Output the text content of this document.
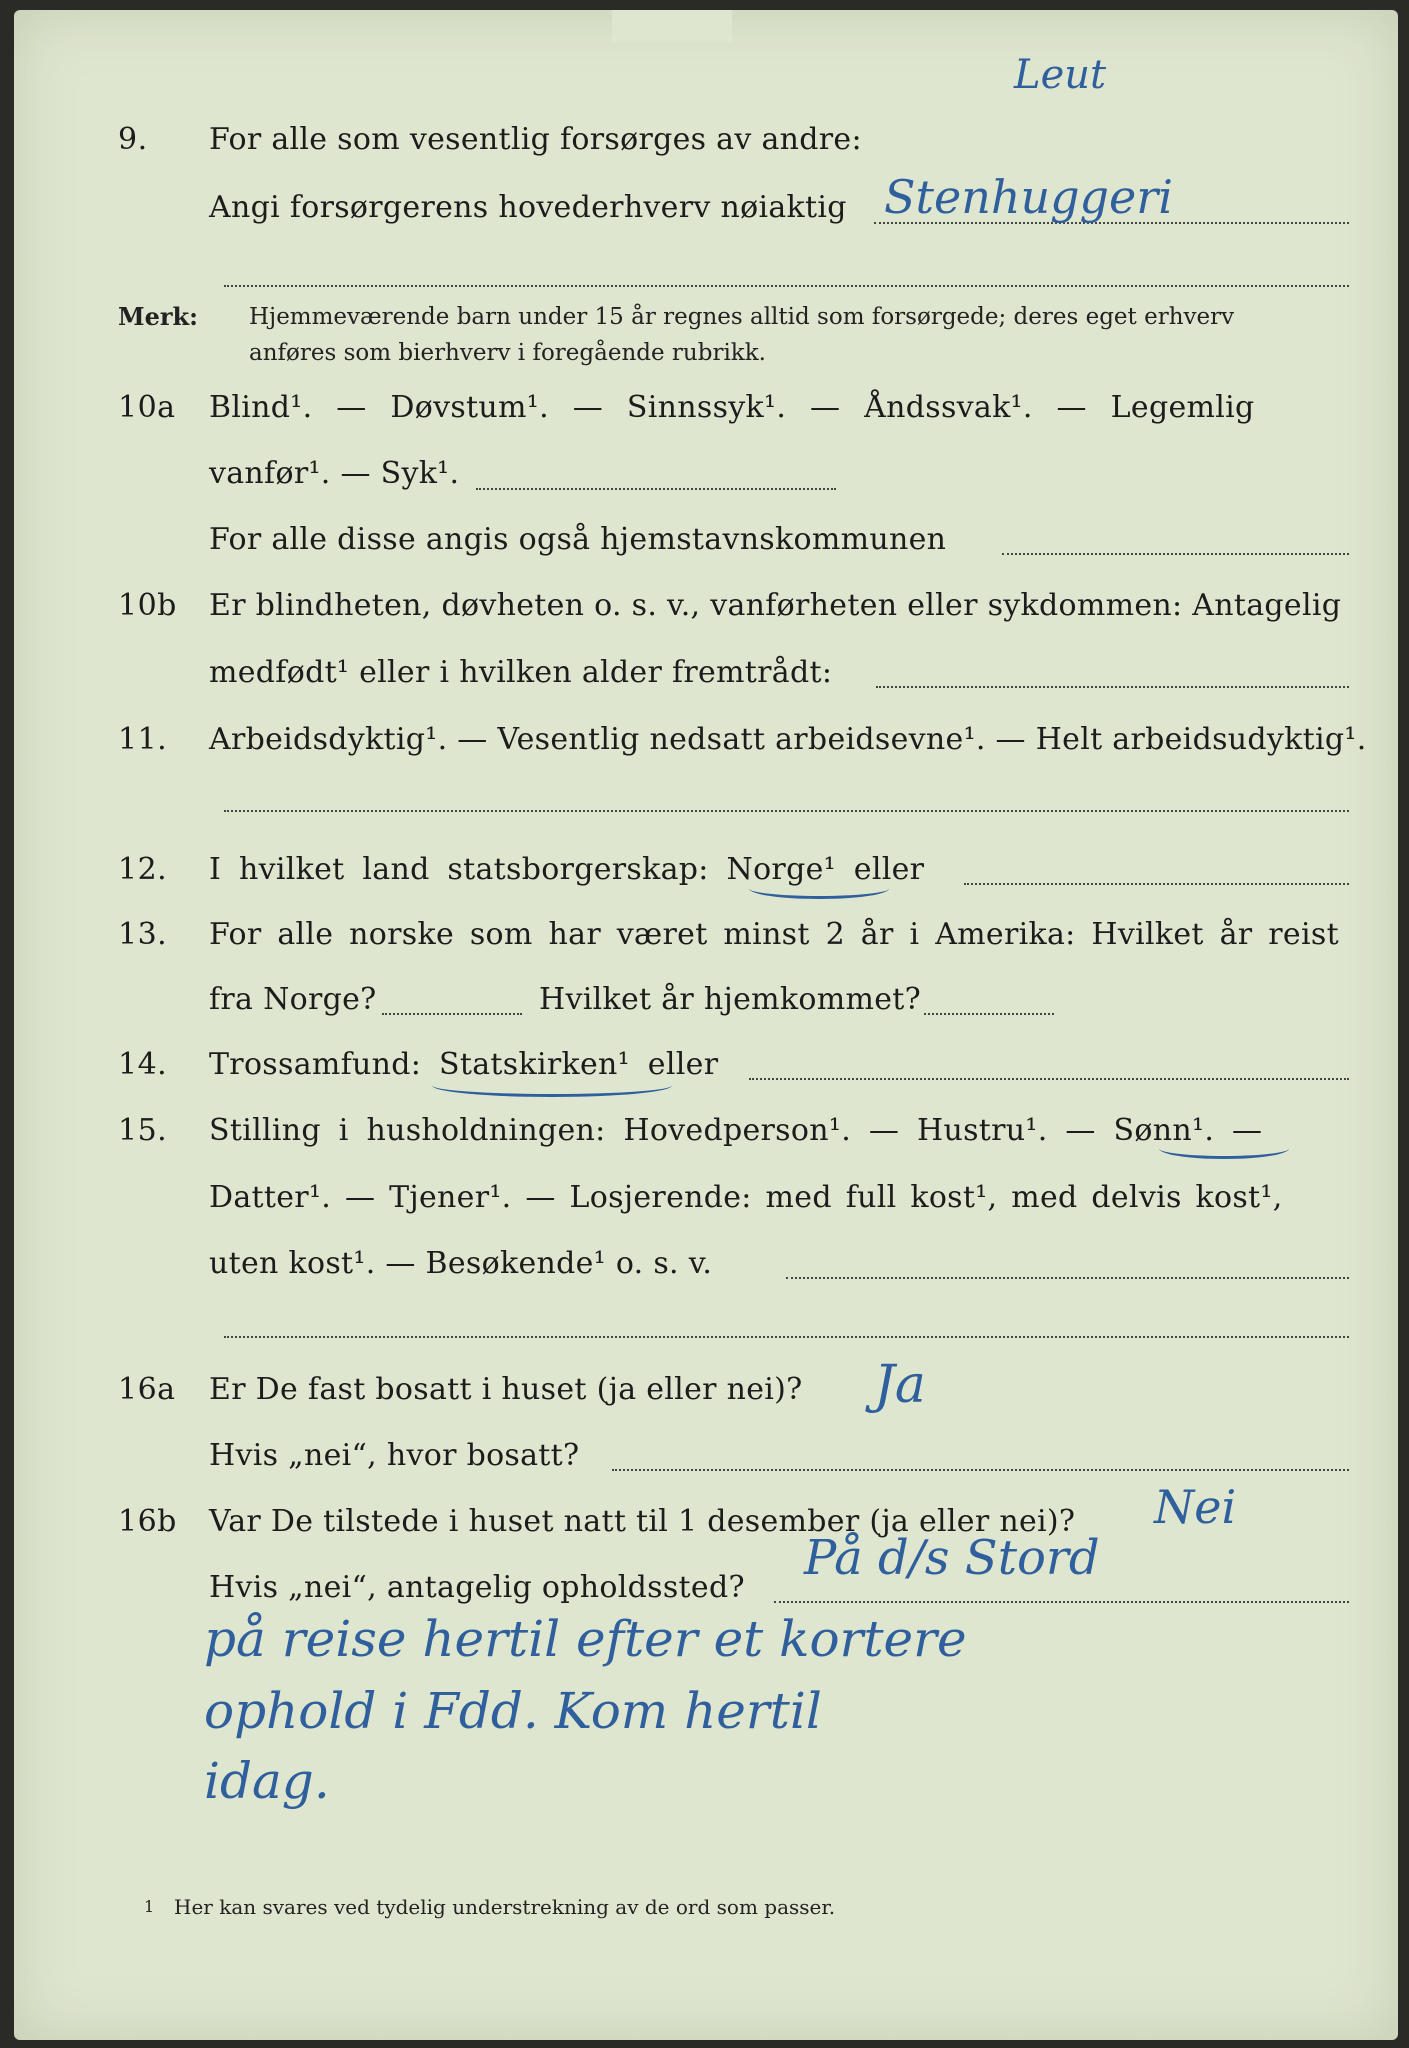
Leut
9. For alle som vesentlig forsørges av andre:
Angi forsørgerens hovederhverv nøiaktig Stenhuggeri
Merk: Hjemmeværende barn under 15 år regnes alltid som forsørgede; deres eget erhverv
anføres som bierhverv i foregående rubrikk.
10a Blind¹. — Døvstum¹. — Sinnssyk¹. — Åndssvak¹. — Legemlig
vanfør¹. — Syk¹.
For alle disse angis også hjemstavnskommunen
10b Er blindheten, døvheten o. s. v., vanførheten eller sykdommen: Antagelig
medfødt¹ eller i hvilken alder fremtrådt:
11. Arbeidsdyktig¹. — Vesentlig nedsatt arbeidsevne¹. — Helt arbeidsudyktig¹.
12. I hvilket land statsborgerskap: Norge¹ eller
13. For alle norske som har været minst 2 år i Amerika: Hvilket år reist
fra Norge?	Hvilket år hjemkommet?
14. Trossamfund: Statskirken¹ eller
15. Stilling i husholdningen: Hovedperson¹. — Hustru¹. — Sønn¹. —
Datter¹. — Tjener¹. — Losjerende: med full kost¹, med delvis kost¹,
uten kost¹. — Besøkende¹ o. s. v.
16a Er De fast bosatt i huset (ja eller nei)? Ja
Hvis „nei“, hvor bosatt?
16b Var De tilstede i huset natt til 1 desember (ja eller nei)? Nei
Hvis „nei“, antagelig opholdssted?
På d/s Stord
på reise hertil efter et kortere
ophold i Fdd. Kom hertil
idag.
1 Her kan svares ved tydelig understrekning av de ord som passer.
